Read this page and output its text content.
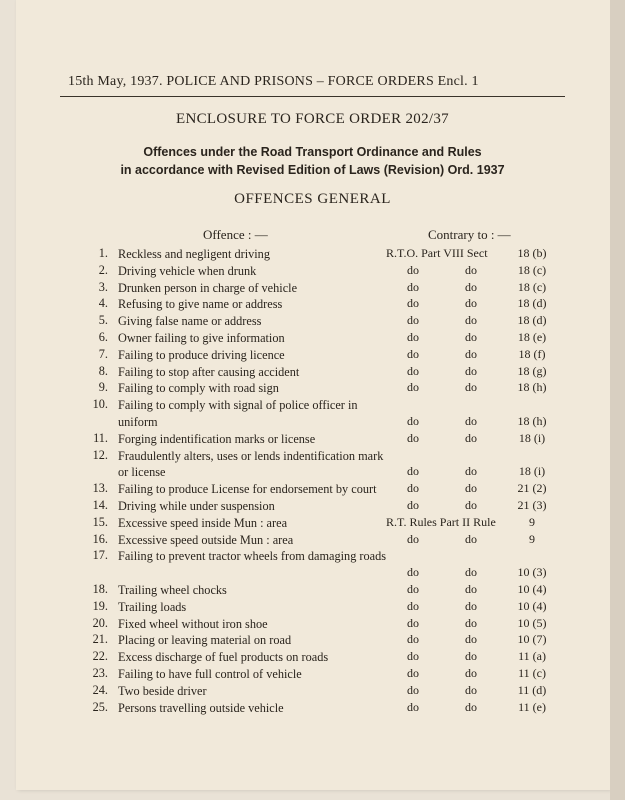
15th May, 1937. POLICE AND PRISONS – FORCE ORDERS Encl. 1
ENCLOSURE TO FORCE ORDER 202/37
Offences under the Road Transport Ordinance and Rules
in accordance with Revised Edition of Laws (Revision) Ord. 1937
OFFENCES GENERAL
Offence : —	Contrary to : —
1. Reckless and negligent driving	R.T.O. Part VIII Sect	18 (b)
2. Driving vehicle when drunk	do	do	18 (c)
3. Drunken person in charge of vehicle	do	do	18 (c)
4. Refusing to give name or address	do	do	18 (d)
5. Giving false name or address	do	do	18 (d)
6. Owner failing to give information	do	do	18 (e)
7. Failing to produce driving licence	do	do	18 (f)
8. Failing to stop after causing accident	do	do	18 (g)
9. Failing to comply with road sign	do	do	18 (h)
10. Failing to comply with signal of police officer in uniform	do	do	18 (h)
11. Forging indentification marks or license	do	do	18 (i)
12. Fraudulently alters, uses or lends indentification mark or license	do	do	18 (i)
13. Failing to produce License for endorsement by court	do	do	21 (2)
14. Driving while under suspension	do	do	21 (3)
15. Excessive speed inside Mun : area	R.T. Rules Part II Rule	9
16. Excessive speed outside Mun : area	do	do	9
17. Failing to prevent tractor wheels from damaging roads
do	do	10 (3)
18. Trailing wheel chocks	do	do	10 (4)
19. Trailing loads	do	do	10 (4)
20. Fixed wheel without iron shoe	do	do	10 (5)
21. Placing or leaving material on road	do	do	10 (7)
22. Excess discharge of fuel products on roads	do	do	11 (a)
23. Failing to have full control of vehicle	do	do	11 (c)
24. Two beside driver	do	do	11 (d)
25. Persons travelling outside vehicle	do	do	11 (e)
